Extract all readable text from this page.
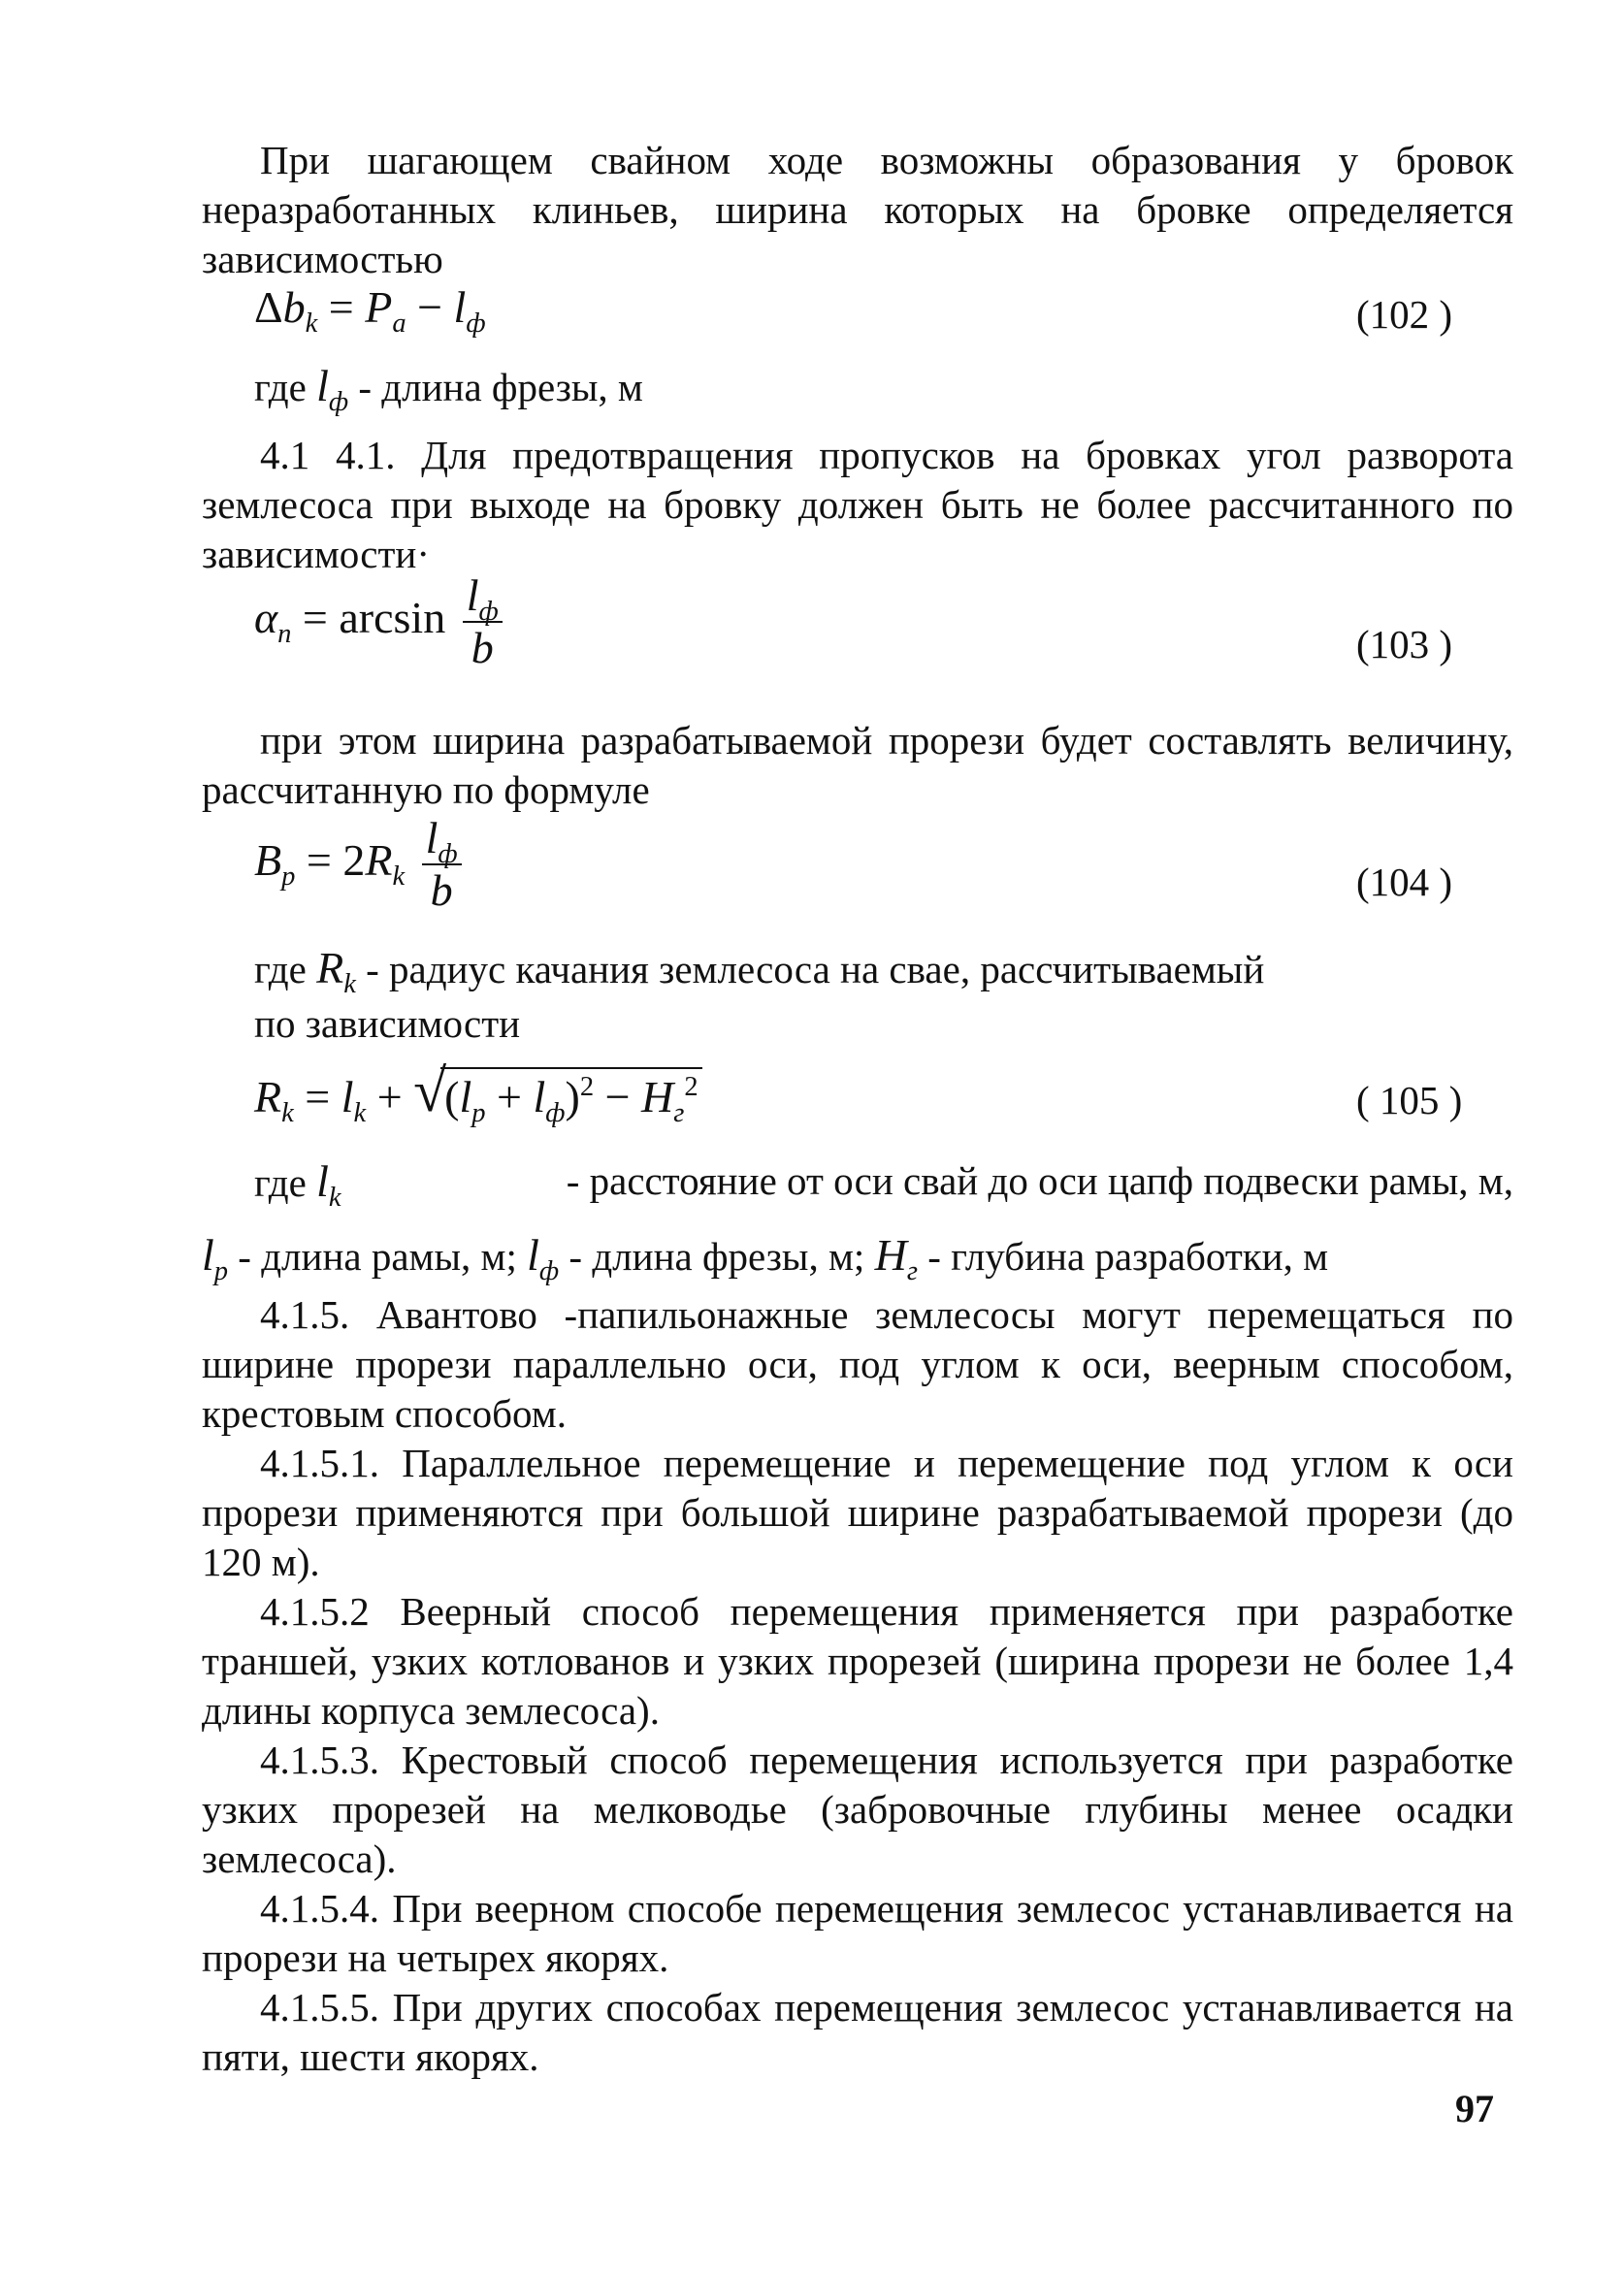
При шагающем свайном ходе возможны образования у бровок неразработанных клиньев, ширина которых на бровке определяется зависимостью

$\Delta b_k = P_a - l_ф$	(102 )
где $l_ф$ - длина фрезы, м

4.1 4.1. Для предотвращения пропусков на бровках угол разворота землесоса при выходе на бровку должен быть не более рассчитанного по зависимости·

$\alpha_n = \arcsin \frac{l_ф}{b}$	(103 )

при этом ширина разрабатываемой прорези будет составлять величину, рассчитанную по формуле

$B_p = 2R_k \frac{l_ф}{b}$	(104 )
где $R_k$ - радиус качания землесоса на свае, рассчитываемый
по зависимости
$R_k = l_k$ + √
$(l_p + l_ф)^2 - H_г^2$	( 105 )
где $l_k$	- расстояние от оси свай до оси цапф подвески рамы, м,
$l_p$ - длина рамы, м; $l_ф$ - длина фрезы, м; $H_г$ - глубина разработки, м

4.1.5. Авантово -папильонажные землесосы могут перемещаться по ширине прорези параллельно оси, под углом к оси, веерным способом, крестовым способом.

4.1.5.1. Параллельное перемещение и перемещение под углом к оси прорези применяются при большой ширине разрабатываемой прорези (до 120 м).

4.1.5.2 Веерный способ перемещения применяется при разработке траншей, узких котлованов и узких прорезей (ширина прорези не более 1,4 длины корпуса землесоса).

4.1.5.3. Крестовый способ перемещения используется при разработке узких прорезей на мелководье (забровочные глубины менее осадки землесоса).

4.1.5.4. При веерном способе перемещения землесос устанавливается на прорези на четырех якорях.

4.1.5.5. При других способах перемещения землесос устанавливается на пяти, шести якорях.

97
